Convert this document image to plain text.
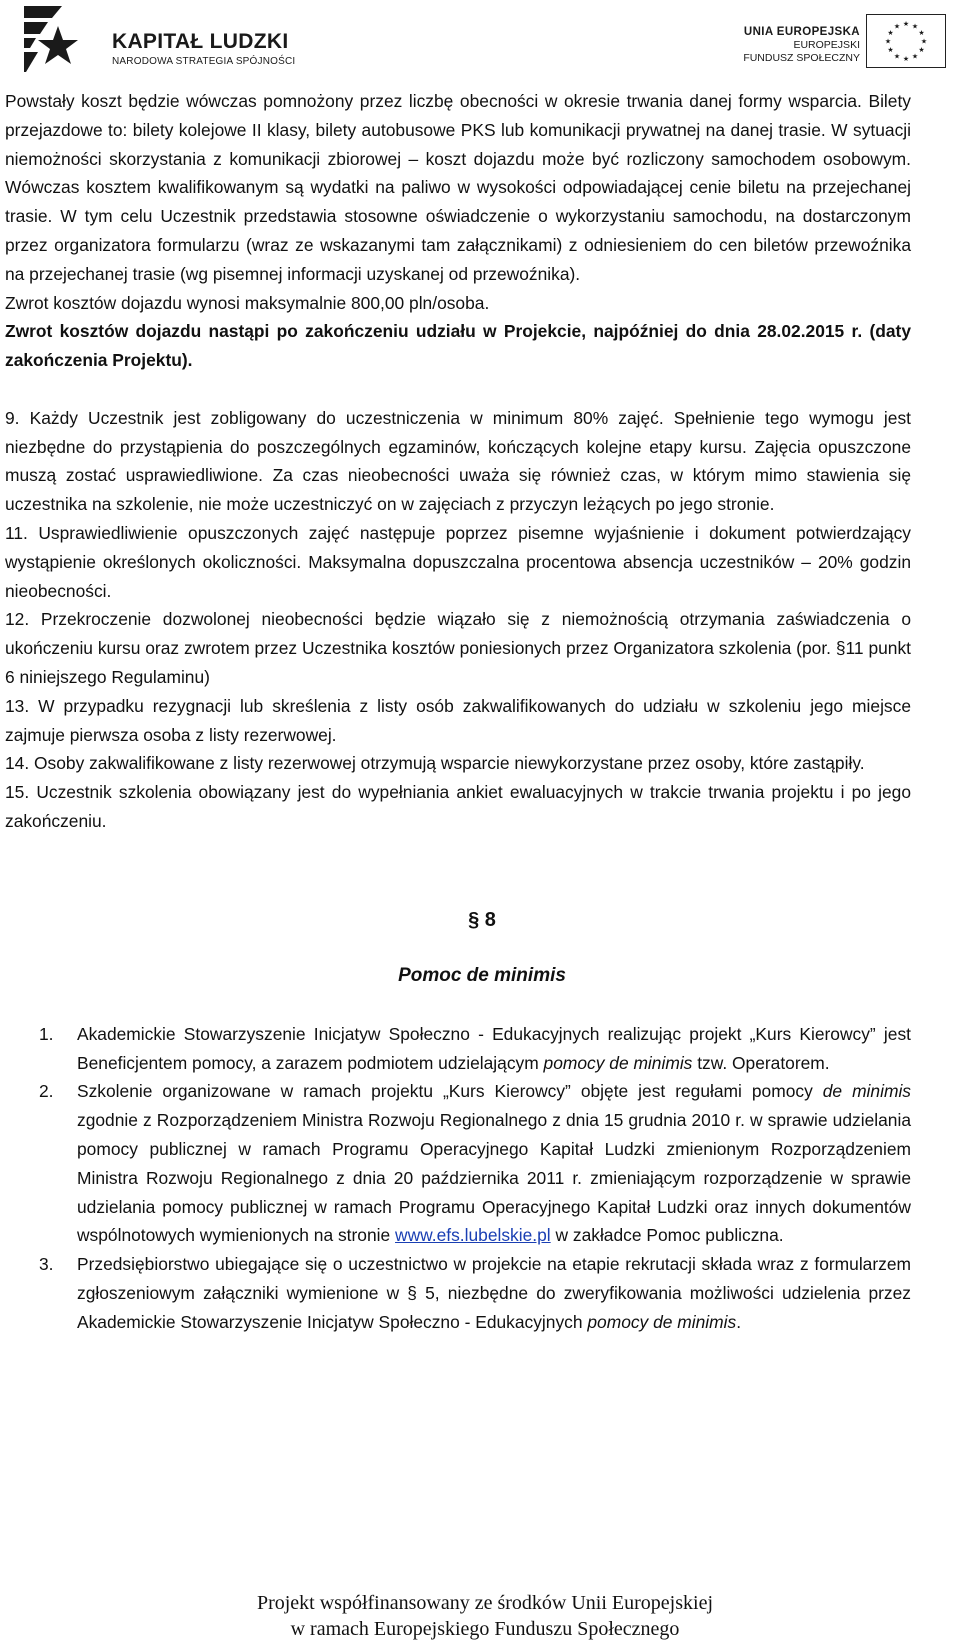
KAPITAŁ LUDZKI
NARODOWA STRATEGIA SPÓJNOŚCI
UNIA EUROPEJSKA
EUROPEJSKI
FUNDUSZ SPOŁECZNY
★ ★
★
★
★
★
★
★
★
★
★
★

Powstały koszt będzie wówczas pomnożony przez liczbę obecności w okresie trwania danej formy wsparcia. Bilety przejazdowe to: bilety kolejowe II klasy, bilety autobusowe PKS lub komunikacji prywatnej na danej trasie. W sytuacji niemożności skorzystania z komunikacji zbiorowej – koszt dojazdu może być rozliczony samochodem osobowym. Wówczas kosztem kwalifikowanym są wydatki na paliwo w wysokości odpowiadającej cenie biletu na przejechanej trasie. W tym celu Uczestnik przedstawia stosowne oświadczenie o wykorzystaniu samochodu, na dostarczonym przez organizatora formularzu (wraz ze wskazanymi tam załącznikami) z odniesieniem do cen biletów przewoźnika na przejechanej trasie (wg pisemnej informacji uzyskanej od przewoźnika).

Zwrot kosztów dojazdu wynosi maksymalnie 800,00 pln/osoba.

Zwrot kosztów dojazdu nastąpi po zakończeniu udziału w Projekcie, najpóźniej do dnia 28.02.2015 r. (daty zakończenia Projektu).

9. Każdy Uczestnik jest zobligowany do uczestniczenia w minimum 80% zajęć. Spełnienie tego wymogu jest niezbędne do przystąpienia do poszczególnych egzaminów, kończących kolejne etapy kursu. Zajęcia opuszczone muszą zostać usprawiedliwione. Za czas nieobecności uważa się również czas, w którym mimo stawienia się uczestnika na szkolenie, nie może uczestniczyć on w zajęciach z przyczyn leżących po jego stronie.

11. Usprawiedliwienie opuszczonych zajęć następuje poprzez pisemne wyjaśnienie i dokument potwierdzający wystąpienie określonych okoliczności. Maksymalna dopuszczalna procentowa absencja uczestników – 20% godzin nieobecności.

12. Przekroczenie dozwolonej nieobecności będzie wiązało się z niemożnością otrzymania zaświadczenia o ukończeniu kursu oraz zwrotem przez Uczestnika kosztów poniesionych przez Organizatora szkolenia (por. §11 punkt 6 niniejszego Regulaminu)

13. W przypadku rezygnacji lub skreślenia z listy osób zakwalifikowanych do udziału w szkoleniu jego miejsce zajmuje pierwsza osoba z listy rezerwowej.

14. Osoby zakwalifikowane z listy rezerwowej otrzymują wsparcie niewykorzystane przez osoby, które zastąpiły.

15. Uczestnik szkolenia obowiązany jest do wypełniania ankiet ewaluacyjnych w trakcie trwania projektu i po jego zakończeniu.

§ 8
Pomoc de minimis
1. Akademickie Stowarzyszenie Inicjatyw Społeczno - Edukacyjnych realizując projekt „Kurs Kierowcy” jest Beneficjentem pomocy, a zarazem podmiotem udzielającym pomocy de minimis tzw. Operatorem.
2. Szkolenie organizowane w ramach projektu „Kurs Kierowcy” objęte jest regułami pomocy de minimis zgodnie z Rozporządzeniem Ministra Rozwoju Regionalnego z dnia 15 grudnia 2010 r. w sprawie udzielania pomocy publicznej w ramach Programu Operacyjnego Kapitał Ludzki zmienionym Rozporządzeniem Ministra Rozwoju Regionalnego z dnia 20 października 2011 r. zmieniającym rozporządzenie w sprawie udzielania pomocy publicznej w ramach Programu Operacyjnego Kapitał Ludzki oraz innych dokumentów wspólnotowych wymienionych na stronie www.efs.lubelskie.pl w zakładce Pomoc publiczna.
3. Przedsiębiorstwo ubiegające się o uczestnictwo w projekcie na etapie rekrutacji składa wraz z formularzem zgłoszeniowym załączniki wymienione w § 5, niezbędne do zweryfikowania możliwości udzielenia przez Akademickie Stowarzyszenie Inicjatyw Społeczno - Edukacyjnych pomocy de minimis.
Projekt współfinansowany ze środków Unii Europejskiej
w ramach Europejskiego Funduszu Społecznego
